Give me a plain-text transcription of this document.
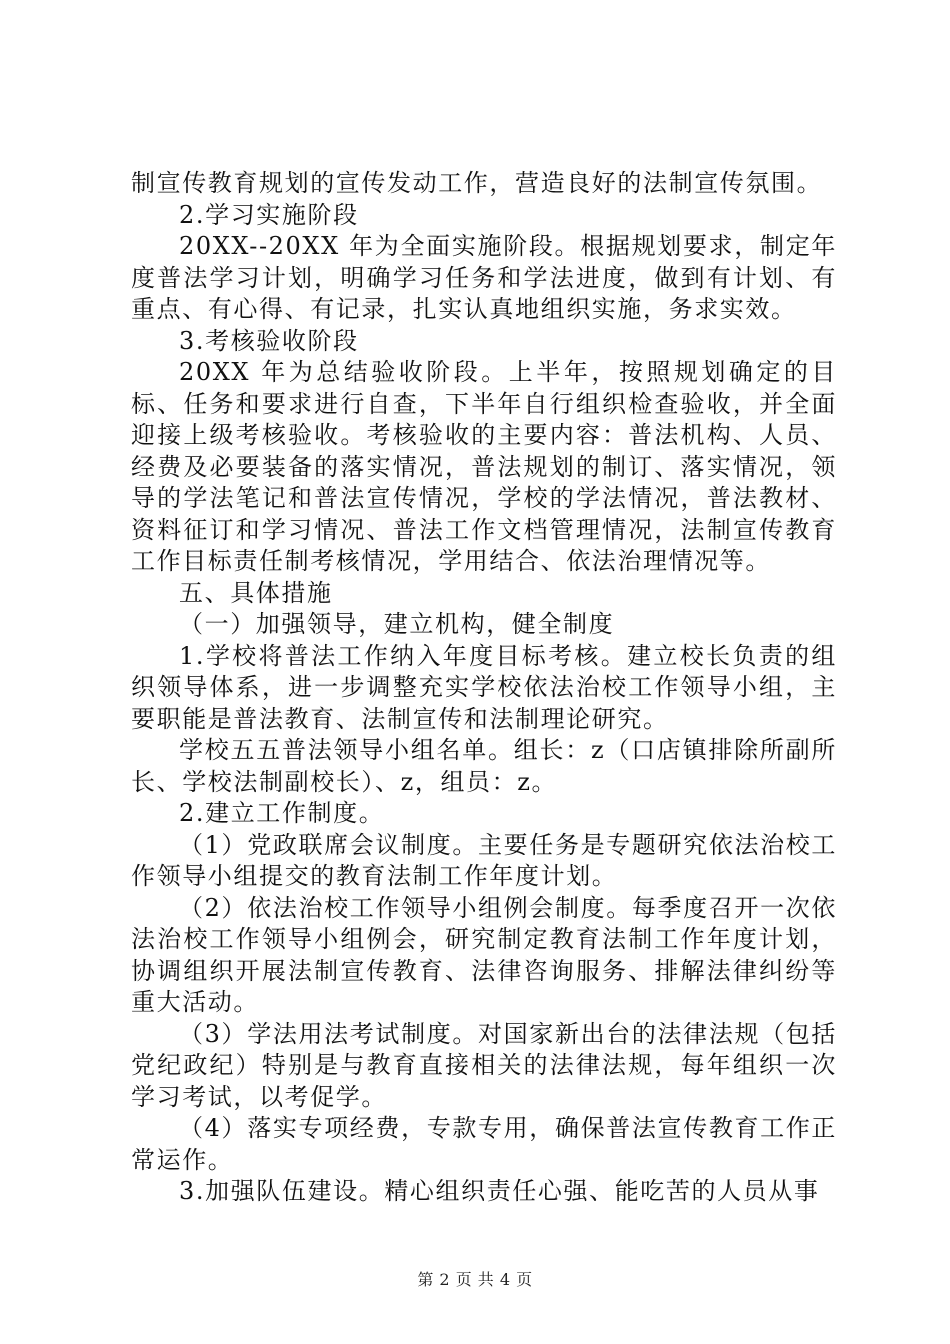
制宣传教育规划的宣传发动工作，营造良好的法制宣传氛围。

2.学习实施阶段

20XX--20XX 年为全面实施阶段。根据规划要求，制定年度普法学习计划，明确学习任务和学法进度，做到有计划、有重点、有心得、有记录，扎实认真地组织实施，务求实效。

3.考核验收阶段

20XX 年为总结验收阶段。上半年，按照规划确定的目标、任务和要求进行自查，下半年自行组织检查验收，并全面迎接上级考核验收。考核验收的主要内容：普法机构、人员、经费及必要装备的落实情况，普法规划的制订、落实情况，领导的学法笔记和普法宣传情况，学校的学法情况，普法教材、资料征订和学习情况、普法工作文档管理情况，法制宣传教育工作目标责任制考核情况，学用结合、依法治理情况等。

五、具体措施

（一）加强领导，建立机构，健全制度

1.学校将普法工作纳入年度目标考核。建立校长负责的组织领导体系，进一步调整充实学校依法治校工作领导小组，主要职能是普法教育、法制宣传和法制理论研究。

学校五五普法领导小组名单。组长：z（口店镇排除所副所长、学校法制副校长）、z，组员：z。

2.建立工作制度。

（1）党政联席会议制度。主要任务是专题研究依法治校工作领导小组提交的教育法制工作年度计划。

（2）依法治校工作领导小组例会制度。每季度召开一次依法治校工作领导小组例会，研究制定教育法制工作年度计划，协调组织开展法制宣传教育、法律咨询服务、排解法律纠纷等重大活动。

（3）学法用法考试制度。对国家新出台的法律法规（包括党纪政纪）特别是与教育直接相关的法律法规，每年组织一次学习考试，以考促学。

（4）落实专项经费，专款专用，确保普法宣传教育工作正常运作。

3.加强队伍建设。精心组织责任心强、能吃苦的人员从事

第 2 页 共 4 页
